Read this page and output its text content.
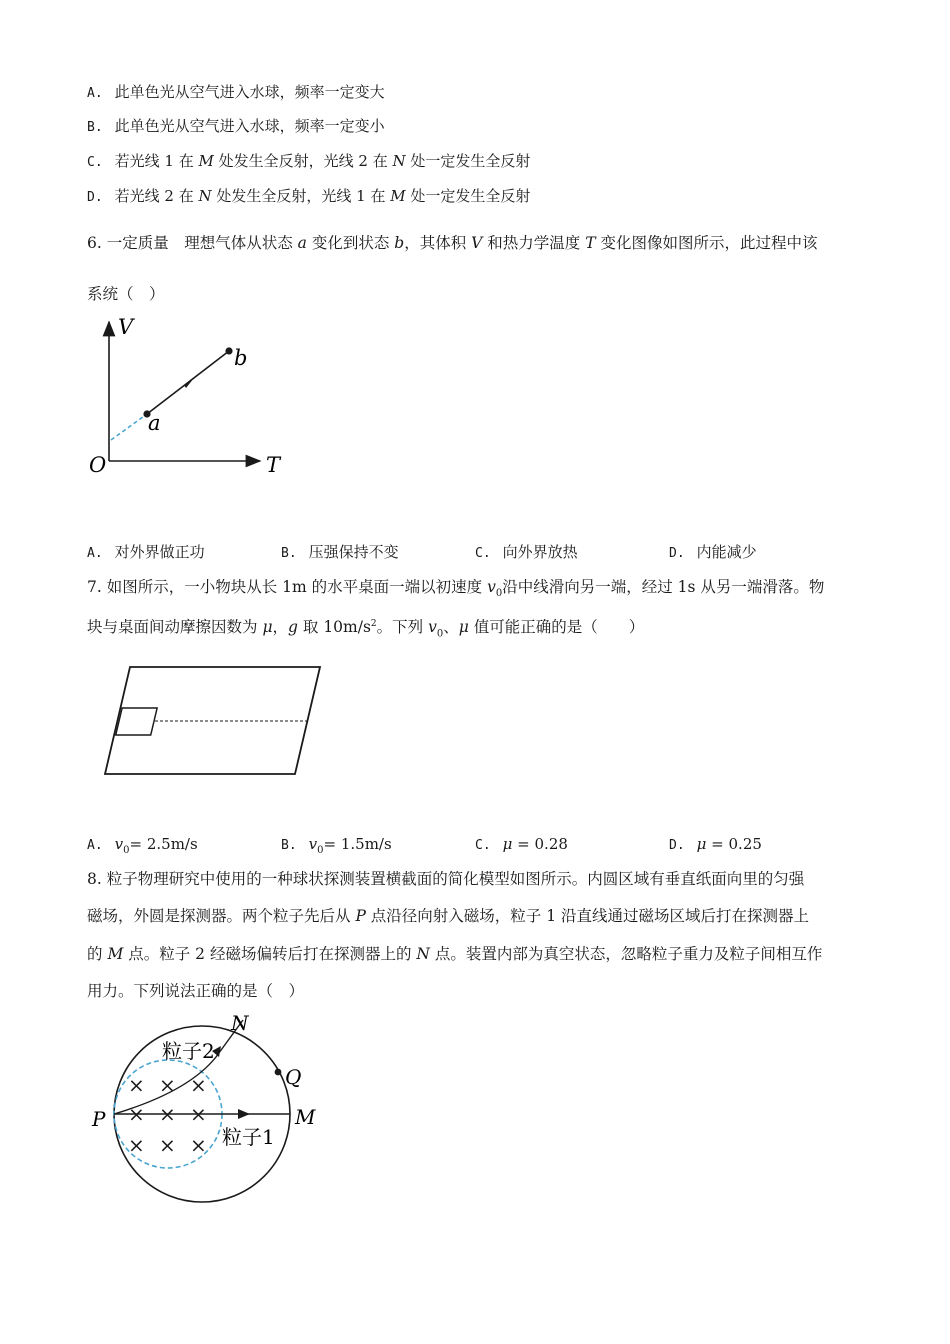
A. 此单色光从空气进入水球，频率一定变大
B. 此单色光从空气进入水球，频率一定变小
C. 若光线 1 在 M 处发生全反射，光线 2 在 N 处一定发生全反射
D. 若光线 2 在 N 处发生全反射，光线 1 在 M 处一定发生全反射
6. 一定质量　理想气体从状态 a 变化到状态 b，其体积 V 和热力学温度 T 变化图像如图所示，此过程中该
系统（　）
V
T
O
a
b
A. 对外界做正功	B. 压强保持不变	C. 向外界放热	D. 内能减少
7. 如图所示，一小物块从长 1m 的水平桌面一端以初速度 $v_0$沿中线滑向另一端，经过 1s 从另一端滑落。物
块与桌面间动摩擦因数为 μ，g 取 $10m/s^2$。下列 $v_0$、μ 值可能正确的是（　　）
A. $v_0= 2.5m/s$	B. $v_0= 1.5m/s$	C. μ = 0.28	D. μ = 0.25
8. 粒子物理研究中使用的一种球状探测装置横截面的简化模型如图所示。内圆区域有垂直纸面向里的匀强
磁场，外圆是探测器。两个粒子先后从 P 点沿径向射入磁场，粒子 1 沿直线通过磁场区域后打在探测器上
的 M 点。粒子 2 经磁场偏转后打在探测器上的 N 点。装置内部为真空状态，忽略粒子重力及粒子间相互作
用力。下列说法正确的是（　）
× × ×
× × ×
× × ×
N
Q
P	M
粒子2
粒子1
